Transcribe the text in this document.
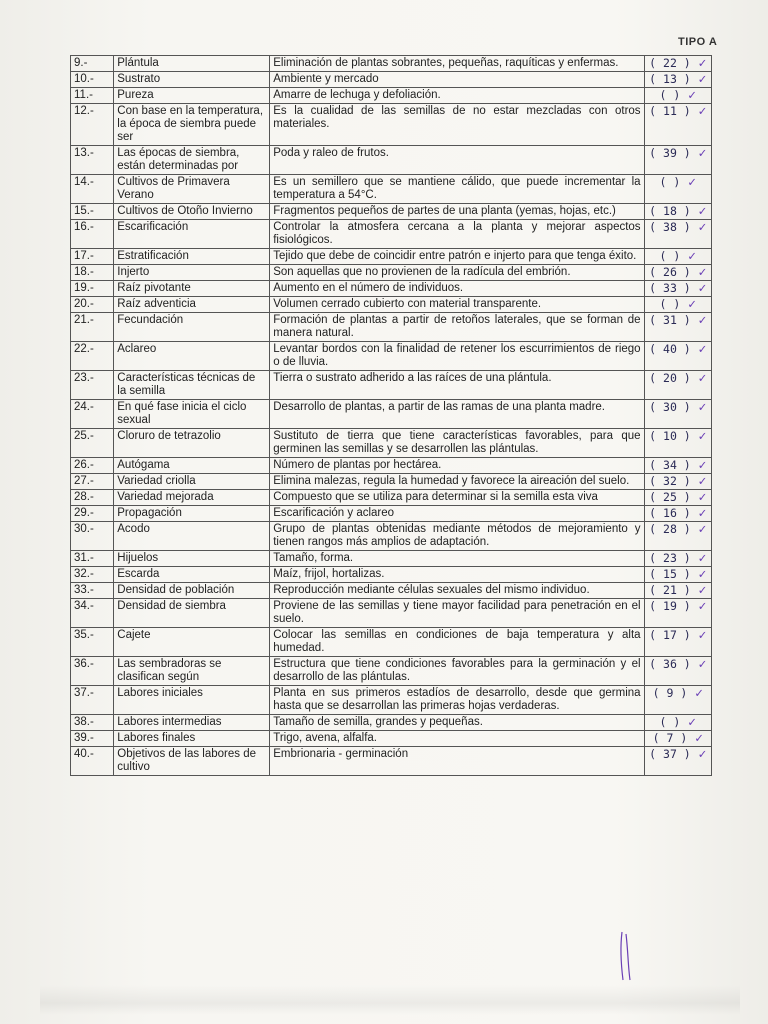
TIPO A
9.-	Plántula	Eliminación de plantas sobrantes, pequeñas, raquíticas y enfermas.	( 22 ) ✓
10.-	Sustrato	Ambiente y mercado	( 13 ) ✓
11.-	Pureza	Amarre de lechuga y defoliación.	( ) ✓
12.-	Con base en la temperatura, la época de siembra puede ser	Es la cualidad de las semillas de no estar mezcladas con otros materiales.	( 11 ) ✓
13.-	Las épocas de siembra, están determinadas por	Poda y raleo de frutos.	( 39 ) ✓
14.-	Cultivos de Primavera Verano	Es un semillero que se mantiene cálido, que puede incrementar la temperatura a 54°C.	( ) ✓
15.-	Cultivos de Otoño Invierno	Fragmentos pequeños de partes de una planta (yemas, hojas, etc.)	( 18 ) ✓
16.-	Escarificación	Controlar la atmosfera cercana a la planta y mejorar aspectos fisiológicos.	( 38 ) ✓
17.-	Estratificación	Tejido que debe de coincidir entre patrón e injerto para que tenga éxito.	( ) ✓
18.-	Injerto	Son aquellas que no provienen de la radícula del embrión.	( 26 ) ✓
19.-	Raíz pivotante	Aumento en el número de individuos.	( 33 ) ✓
20.-	Raíz adventicia	Volumen cerrado cubierto con material transparente.	( ) ✓
21.-	Fecundación	Formación de plantas a partir de retoños laterales, que se forman de manera natural.	( 31 ) ✓
22.-	Aclareo	Levantar bordos con la finalidad de retener los escurrimientos de riego o de lluvia.	( 40 ) ✓
23.-	Características técnicas de la semilla	Tierra o sustrato adherido a las raíces de una plántula.	( 20 ) ✓
24.-	En qué fase inicia el ciclo sexual	Desarrollo de plantas, a partir de las ramas de una planta madre.	( 30 ) ✓
25.-	Cloruro de tetrazolio	Sustituto de tierra que tiene características favorables, para que germinen las semillas y se desarrollen las plántulas.	( 10 ) ✓
26.-	Autógama	Número de plantas por hectárea.	( 34 ) ✓
27.-	Variedad criolla	Elimina malezas, regula la humedad y favorece la aireación del suelo.	( 32 ) ✓
28.-	Variedad mejorada	Compuesto que se utiliza para determinar si la semilla esta viva	( 25 ) ✓
29.-	Propagación	Escarificación y aclareo	( 16 ) ✓
30.-	Acodo	Grupo de plantas obtenidas mediante métodos de mejoramiento y tienen rangos más amplios de adaptación.	( 28 ) ✓
31.-	Hijuelos	Tamaño, forma.	( 23 ) ✓
32.-	Escarda	Maíz, frijol, hortalizas.	( 15 ) ✓
33.-	Densidad de población	Reproducción mediante células sexuales del mismo individuo.	( 21 ) ✓
34.-	Densidad de siembra	Proviene de las semillas y tiene mayor facilidad para penetración en el suelo.	( 19 ) ✓
35.-	Cajete	Colocar las semillas en condiciones de baja temperatura y alta humedad.	( 17 ) ✓
36.-	Las sembradoras se clasifican según	Estructura que tiene condiciones favorables para la germinación y el desarrollo de las plántulas.	( 36 ) ✓
37.-	Labores iniciales	Planta en sus primeros estadíos de desarrollo, desde que germina hasta que se desarrollan las primeras hojas verdaderas.	( 9 ) ✓
38.-	Labores intermedias	Tamaño de semilla, grandes y pequeñas.	( ) ✓
39.-	Labores finales	Trigo, avena, alfalfa.	( 7 ) ✓
40.-	Objetivos de las labores de cultivo	Embrionaria - germinación	( 37 ) ✓
